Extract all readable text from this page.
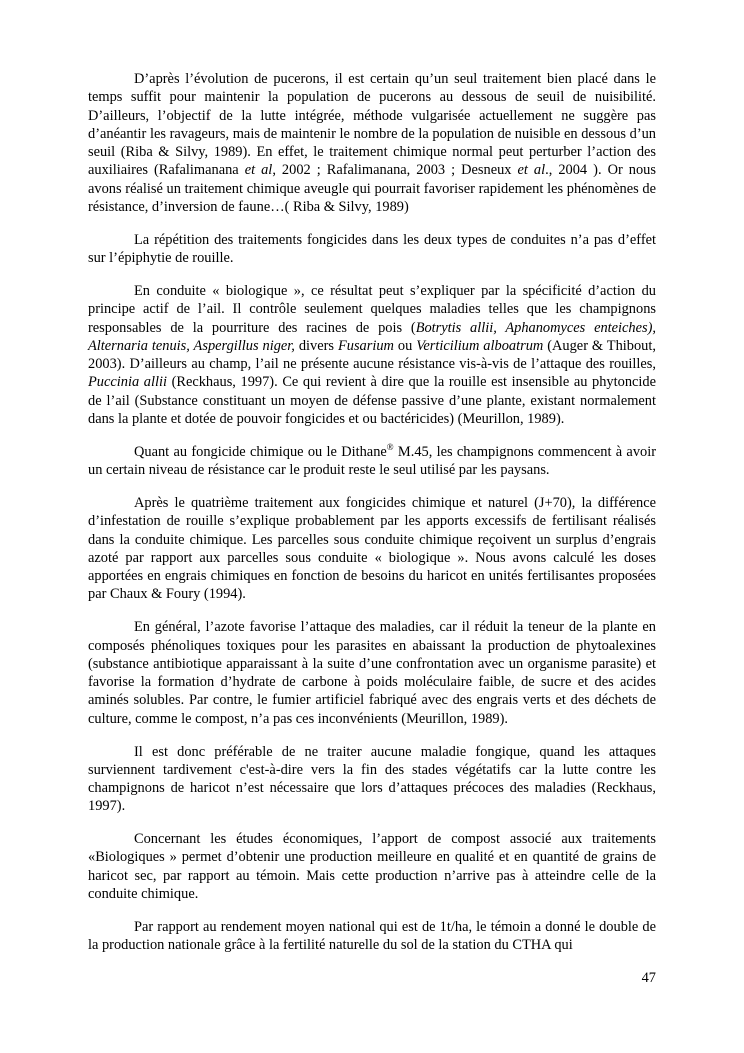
D’après l’évolution de pucerons, il est certain qu’un seul traitement bien placé dans le temps suffit pour maintenir la population de pucerons au dessous de seuil de nuisibilité. D’ailleurs, l’objectif de la lutte intégrée, méthode vulgarisée actuellement ne suggère pas d’anéantir les ravageurs, mais de maintenir le nombre de la population de nuisible en dessous d’un seuil (Riba & Silvy, 1989). En effet, le traitement chimique normal peut perturber l’action des auxiliaires (Rafalimanana et al, 2002 ; Rafalimanana, 2003 ; Desneux et al., 2004 ). Or nous avons réalisé un traitement chimique aveugle qui pourrait favoriser rapidement les phénomènes de résistance, d’inversion de faune…( Riba & Silvy, 1989)

La répétition des traitements fongicides dans les deux types de conduites n’a pas d’effet sur l’épiphytie de rouille.

En conduite « biologique », ce résultat peut s’expliquer par la spécificité d’action du principe actif de l’ail. Il contrôle seulement quelques maladies telles que les champignons responsables de la pourriture des racines de pois (Botrytis allii, Aphanomyces enteiches), Alternaria tenuis, Aspergillus niger, divers Fusarium ou Verticilium alboatrum (Auger & Thibout, 2003). D’ailleurs au champ, l’ail ne présente aucune résistance vis-à-vis de l’attaque des rouilles, Puccinia allii (Reckhaus, 1997). Ce qui revient à dire que la rouille est insensible au phytoncide de l’ail (Substance constituant un moyen de défense passive d’une plante, existant normalement dans la plante et dotée de pouvoir fongicides et ou bactéricides) (Meurillon, 1989).

Quant au fongicide chimique ou le Dithane® M.45, les champignons commencent à avoir un certain niveau de résistance car le produit reste le seul utilisé par les paysans.

Après le quatrième traitement aux fongicides chimique et naturel (J+70), la différence d’infestation de rouille s’explique probablement par les apports excessifs de fertilisant réalisés dans la conduite chimique. Les parcelles sous conduite chimique reçoivent un surplus d’engrais azoté par rapport aux parcelles sous conduite « biologique ». Nous avons calculé les doses apportées en engrais chimiques en fonction de besoins du haricot en unités fertilisantes proposées par Chaux & Foury (1994).

En général, l’azote favorise l’attaque des maladies, car il réduit la teneur de la plante en composés phénoliques toxiques pour les parasites en abaissant la production de phytoalexines (substance antibiotique apparaissant à la suite d’une confrontation avec un organisme parasite) et favorise la formation d’hydrate de carbone à poids moléculaire faible, de sucre et des acides aminés solubles. Par contre, le fumier artificiel fabriqué avec des engrais verts et des déchets de culture, comme le compost, n’a pas ces inconvénients (Meurillon, 1989).

Il est donc préférable de ne traiter aucune maladie fongique, quand les attaques surviennent tardivement c'est-à-dire vers la fin des stades végétatifs car la lutte contre les champignons de haricot n’est nécessaire que lors d’attaques précoces des maladies (Reckhaus, 1997).

Concernant les études économiques, l’apport de compost associé aux traitements «Biologiques » permet d’obtenir une production meilleure en qualité et en quantité de grains de haricot sec, par rapport au témoin. Mais cette production n’arrive pas à atteindre celle de la conduite chimique.

Par rapport au rendement moyen national qui est de 1t/ha, le témoin a donné le double de la production nationale grâce à la fertilité naturelle du sol de la station du CTHA qui

47
